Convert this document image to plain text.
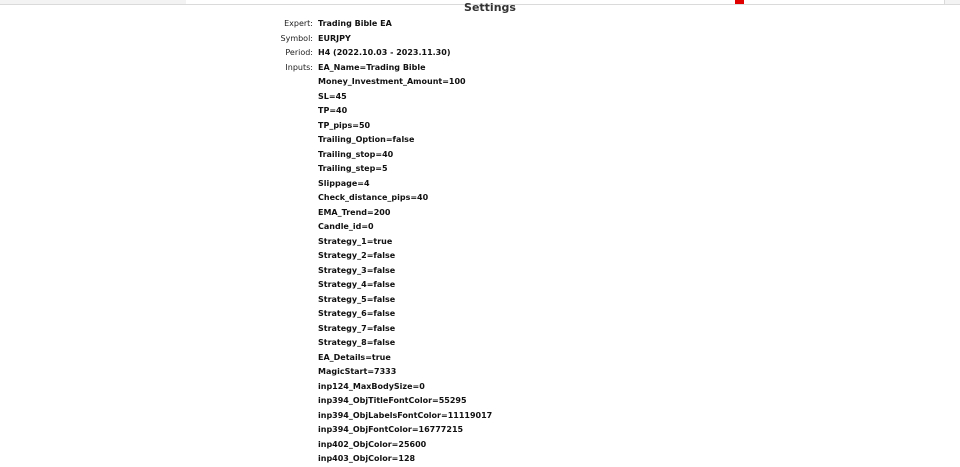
Settings
Expert: Trading Bible EA
Symbol: EURJPY
Period: H4 (2022.10.03 - 2023.11.30)
Inputs: EA_Name=Trading Bible
Money_Investment_Amount=100
SL=45
TP=40
TP_pips=50
Trailing_Option=false
Trailing_stop=40
Trailing_step=5
Slippage=4
Check_distance_pips=40
EMA_Trend=200
Candle_id=0
Strategy_1=true
Strategy_2=false
Strategy_3=false
Strategy_4=false
Strategy_5=false
Strategy_6=false
Strategy_7=false
Strategy_8=false
EA_Details=true
MagicStart=7333
inp124_MaxBodySize=0
inp394_ObjTitleFontColor=55295
inp394_ObjLabelsFontColor=11119017
inp394_ObjFontColor=16777215
inp402_ObjColor=25600
inp403_ObjColor=128
